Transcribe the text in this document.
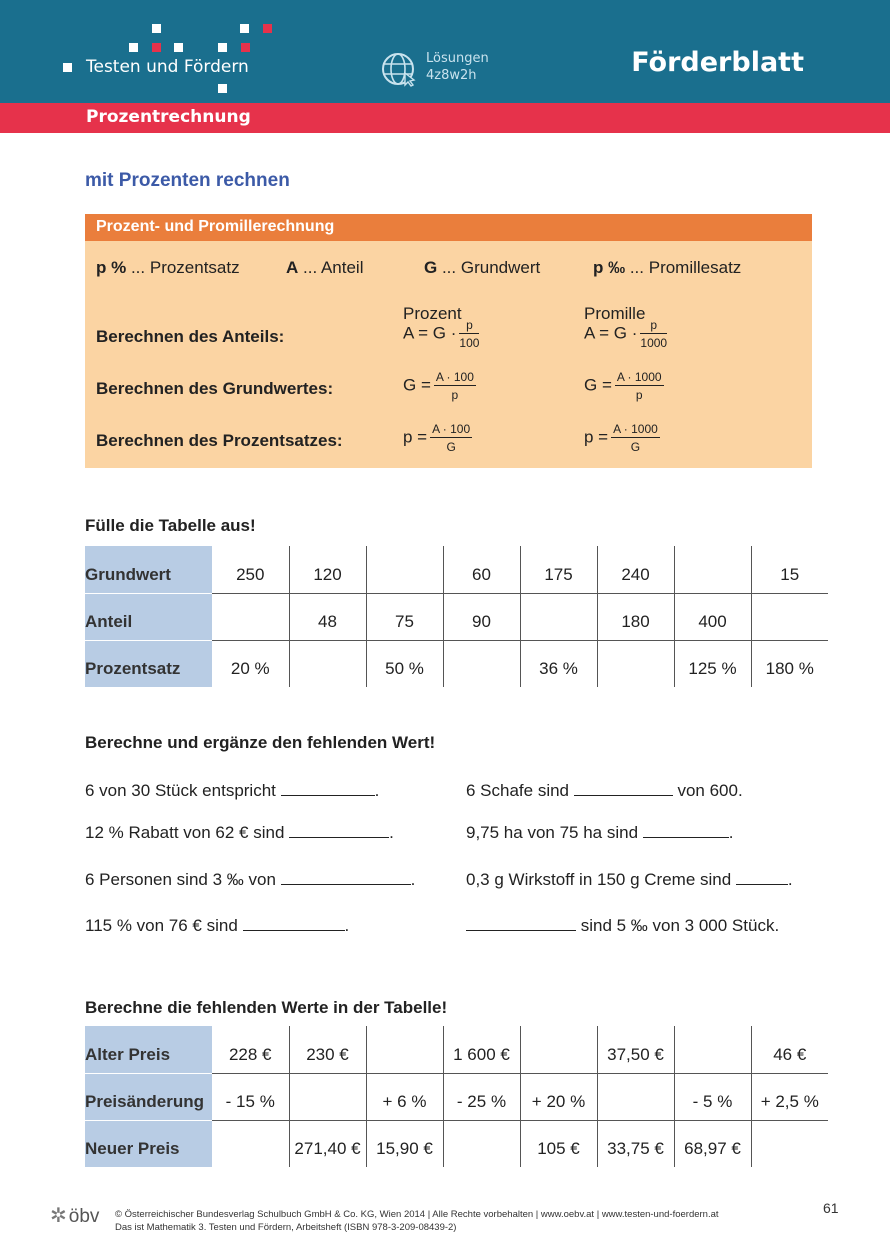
Testen und Fördern	Lösungen
4z8w2h	Förderblatt
Prozentrechnung
mit Prozenten rechnen
Prozent- und Promillerechnung
p % ... Prozentsatz	A ... Anteil	G ... Grundwert	p ‰ ... Promillesatz
Prozent	Promille
Berechnen des Anteils:	$A = G \cdot \frac{p}{100}$	$A = G \cdot \frac{p}{1000}$
Berechnen des Grundwertes:	$G = \frac{A \cdot 100}{p}$	$G = \frac{A \cdot 1000}{p}$
Berechnen des Prozentsatzes:	$p = \frac{A \cdot 100}{G}$	$p = \frac{A \cdot 1000}{G}$
Fülle die Tabelle aus!
Grundwert	250	120		60	175	240		15
Anteil		48	75	90		180	400	
Prozentsatz	20 %		50 %		36 %		125 %	180 %
Berechne und ergänze den fehlenden Wert!
6 von 30 Stück entspricht	.	6 Schafe sind	von 600.
12 % Rabatt von 62 € sind	.	9,75 ha von 75 ha sind	.
6 Personen sind 3 ‰ von	.	0,3 g Wirkstoff in 150 g Creme sind	.
115 % von 76 € sind	.	sind 5 ‰ von 3 000 Stück.
Berechne die fehlenden Werte in der Tabelle!
Alter Preis	228 €	230 €		1 600 €		37,50 €		46 €
Preisänderung	- 15 %		+ 6 %	- 25 %	+ 20 %		- 5 %	+ 2,5 %
Neuer Preis		271,40 €	15,90 €		105 €	33,75 €	68,97 €	
✲ öbv © Österreichischer Bundesverlag Schulbuch GmbH & Co. KG, Wien 2014 | Alle Rechte vorbehalten | www.oebv.at | www.testen-und-foerdern.at
Das ist Mathematik 3. Testen und Fördern, Arbeitsheft (ISBN 978-3-209-08439-2)
61
